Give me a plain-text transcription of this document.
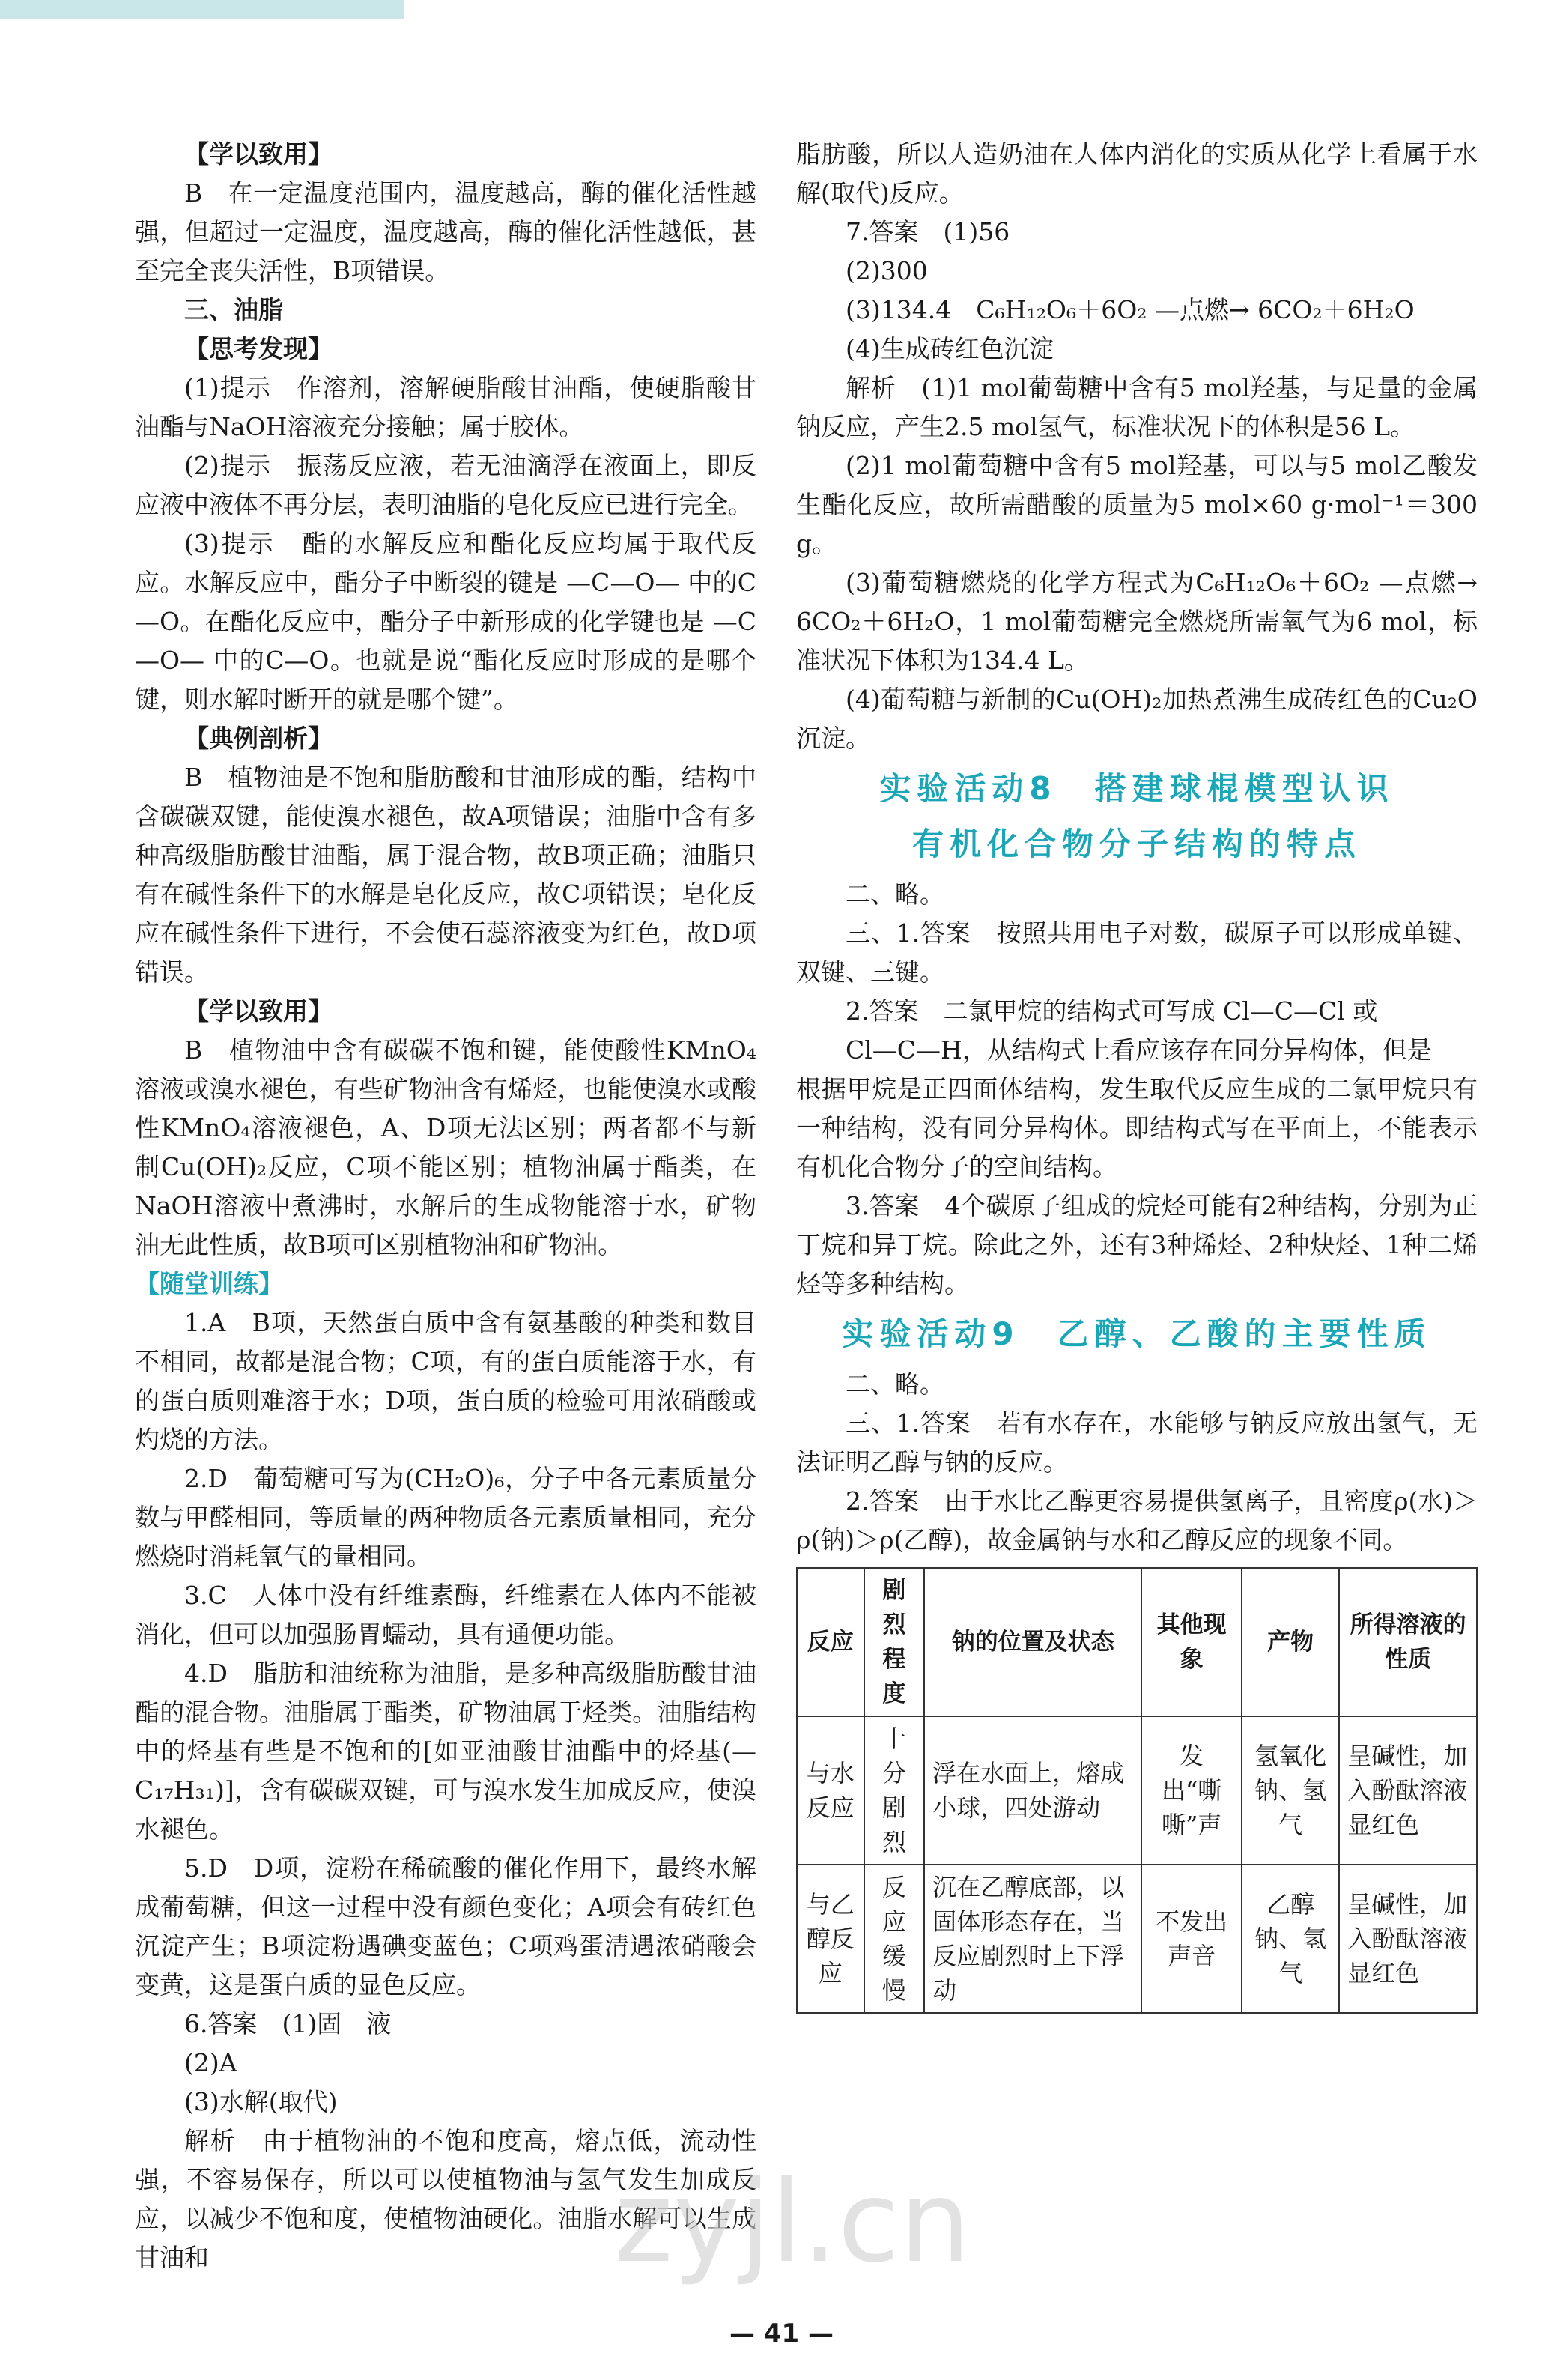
【学以致用】
B　在一定温度范围内，温度越高，酶的催化活性越强，但超过一定温度，温度越高，酶的催化活性越低，甚至完全丧失活性，B项错误。
三、油脂
【思考发现】
(1)提示　作溶剂，溶解硬脂酸甘油酯，使硬脂酸甘油酯与NaOH溶液充分接触；属于胶体。
(2)提示　振荡反应液，若无油滴浮在液面上，即反应液中液体不再分层，表明油脂的皂化反应已进行完全。
(3)提示　酯的水解反应和酯化反应均属于取代反应。水解反应中，酯分子中断裂的键是 —C—O— 中的C—O。在酯化反应中，酯分子中新形成的化学键也是 —C—O— 中的C—O。也就是说“酯化反应时形成的是哪个键，则水解时断开的就是哪个键”。
【典例剖析】
B　植物油是不饱和脂肪酸和甘油形成的酯，结构中含碳碳双键，能使溴水褪色，故A项错误；油脂中含有多种高级脂肪酸甘油酯，属于混合物，故B项正确；油脂只有在碱性条件下的水解是皂化反应，故C项错误；皂化反应在碱性条件下进行，不会使石蕊溶液变为红色，故D项错误。
【学以致用】
B　植物油中含有碳碳不饱和键，能使酸性KMnO₄溶液或溴水褪色，有些矿物油含有烯烃，也能使溴水或酸性KMnO₄溶液褪色，A、D项无法区别；两者都不与新制Cu(OH)₂反应，C项不能区别；植物油属于酯类，在NaOH溶液中煮沸时，水解后的生成物能溶于水，矿物油无此性质，故B项可区别植物油和矿物油。
【随堂训练】
1.A　B项，天然蛋白质中含有氨基酸的种类和数目不相同，故都是混合物；C项，有的蛋白质能溶于水，有的蛋白质则难溶于水；D项，蛋白质的检验可用浓硝酸或灼烧的方法。
2.D　葡萄糖可写为(CH₂O)₆，分子中各元素质量分数与甲醛相同，等质量的两种物质各元素质量相同，充分燃烧时消耗氧气的量相同。
3.C　人体中没有纤维素酶，纤维素在人体内不能被消化，但可以加强肠胃蠕动，具有通便功能。
4.D　脂肪和油统称为油脂，是多种高级脂肪酸甘油酯的混合物。油脂属于酯类，矿物油属于烃类。油脂结构中的烃基有些是不饱和的[如亚油酸甘油酯中的烃基(—C₁₇H₃₁)]，含有碳碳双键，可与溴水发生加成反应，使溴水褪色。
5.D　D项，淀粉在稀硫酸的催化作用下，最终水解成葡萄糖，但这一过程中没有颜色变化；A项会有砖红色沉淀产生；B项淀粉遇碘变蓝色；C项鸡蛋清遇浓硝酸会变黄，这是蛋白质的显色反应。
6.答案　(1)固　液
(2)A
(3)水解(取代)
解析　由于植物油的不饱和度高，熔点低，流动性强，不容易保存，所以可以使植物油与氢气发生加成反应，以减少不饱和度，使植物油硬化。油脂水解可以生成甘油和
脂肪酸，所以人造奶油在人体内消化的实质从化学上看属于水解(取代)反应。
7.答案　(1)56
(2)300
(3)134.4　C₆H₁₂O₆＋6O₂ —点燃→ 6CO₂＋6H₂O
(4)生成砖红色沉淀
解析　(1)1 mol葡萄糖中含有5 mol羟基，与足量的金属钠反应，产生2.5 mol氢气，标准状况下的体积是56 L。
(2)1 mol葡萄糖中含有5 mol羟基，可以与5 mol乙酸发生酯化反应，故所需醋酸的质量为5 mol×60 g·mol⁻¹＝300 g。
(3)葡萄糖燃烧的化学方程式为C₆H₁₂O₆＋6O₂ —点燃→ 6CO₂＋6H₂O，1 mol葡萄糖完全燃烧所需氧气为6 mol，标准状况下体积为134.4 L。
(4)葡萄糖与新制的Cu(OH)₂加热煮沸生成砖红色的Cu₂O沉淀。
实验活动8　搭建球棍模型认识
有机化合物分子结构的特点
二、略。
三、1.答案　按照共用电子对数，碳原子可以形成单键、双键、三键。
2.答案　二氯甲烷的结构式可写成 Cl—C—Cl 或
Cl—C—H，从结构式上看应该存在同分异构体，但是
根据甲烷是正四面体结构，发生取代反应生成的二氯甲烷只有一种结构，没有同分异构体。即结构式写在平面上，不能表示有机化合物分子的空间结构。
3.答案　4个碳原子组成的烷烃可能有2种结构，分别为正丁烷和异丁烷。除此之外，还有3种烯烃、2种炔烃、1种二烯烃等多种结构。
实验活动9　乙醇、乙酸的主要性质
二、略。
三、1.答案　若有水存在，水能够与钠反应放出氢气，无法证明乙醇与钠的反应。
2.答案　由于水比乙醇更容易提供氢离子，且密度ρ(水)＞ρ(钠)＞ρ(乙醇)，故金属钠与水和乙醇反应的现象不同。
反应	剧烈程度	钠的位置及状态	其他现象	产物	所得溶液的性质
与水反应	十分剧烈	浮在水面上，熔成小球，四处游动	发出“嘶嘶”声	氢氧化钠、氢气	呈碱性，加入酚酞溶液显红色
与乙醇反应	反应缓慢	沉在乙醇底部，以固体形态存在，当反应剧烈时上下浮动	不发出声音	乙醇钠、氢气	呈碱性，加入酚酞溶液显红色
— 41 —
zyjl.cn
